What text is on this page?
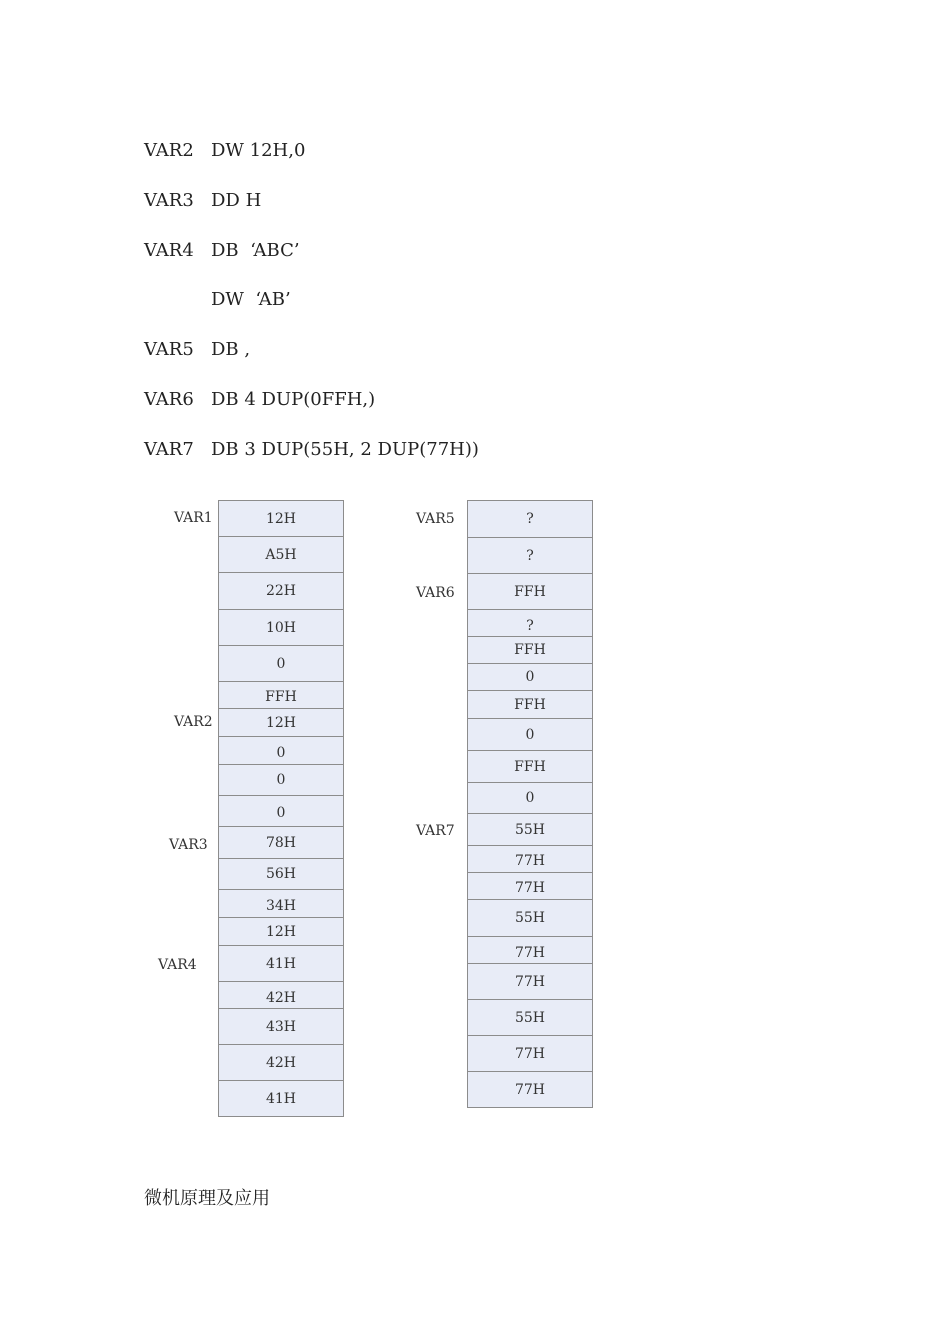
VAR2 DW 12H,0
VAR3 DD H
VAR4 DB  ‘ABC’
DW  ‘AB’
VAR5 DB ,
VAR6 DB 4 DUP(0FFH,)
VAR7 DB 3 DUP(55H, 2 DUP(77H))
VAR1
VAR2
VAR3
VAR4
12H
A5H
22H
10H
0
FFH
12H
0
0
0
78H
56H
34H
12H
41H
42H
43H
42H
41H
VAR5
VAR6
VAR7
?
?
FFH
?
FFH
0
FFH
0
FFH
0
55H
77H
77H
55H
77H
77H
55H
77H
77H
微机原理及应用
